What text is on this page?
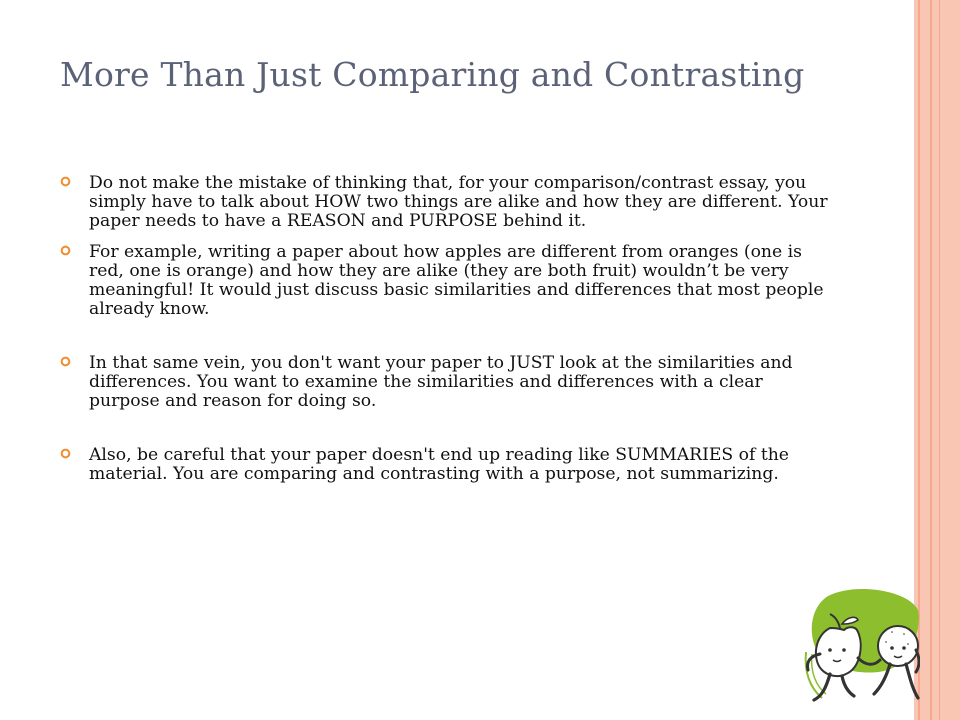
More Than Just Comparing and Contrasting
Do not make the mistake of thinking that, for your comparison/contrast essay, you simply have to talk about HOW two things are alike and how they are different. Your paper needs to have a REASON and PURPOSE behind it.
For example, writing a paper about how apples are different from oranges (one is red, one is orange) and how they are alike (they are both fruit) wouldn’t be very meaningful! It would just discuss basic similarities and differences that most people already know.
In that same vein, you don't want your paper to JUST look at the similarities and differences. You want to examine the similarities and differences with a clear purpose and reason for doing so.
Also, be careful that your paper doesn't end up reading like SUMMARIES of the material. You are comparing and contrasting with a purpose, not summarizing.
